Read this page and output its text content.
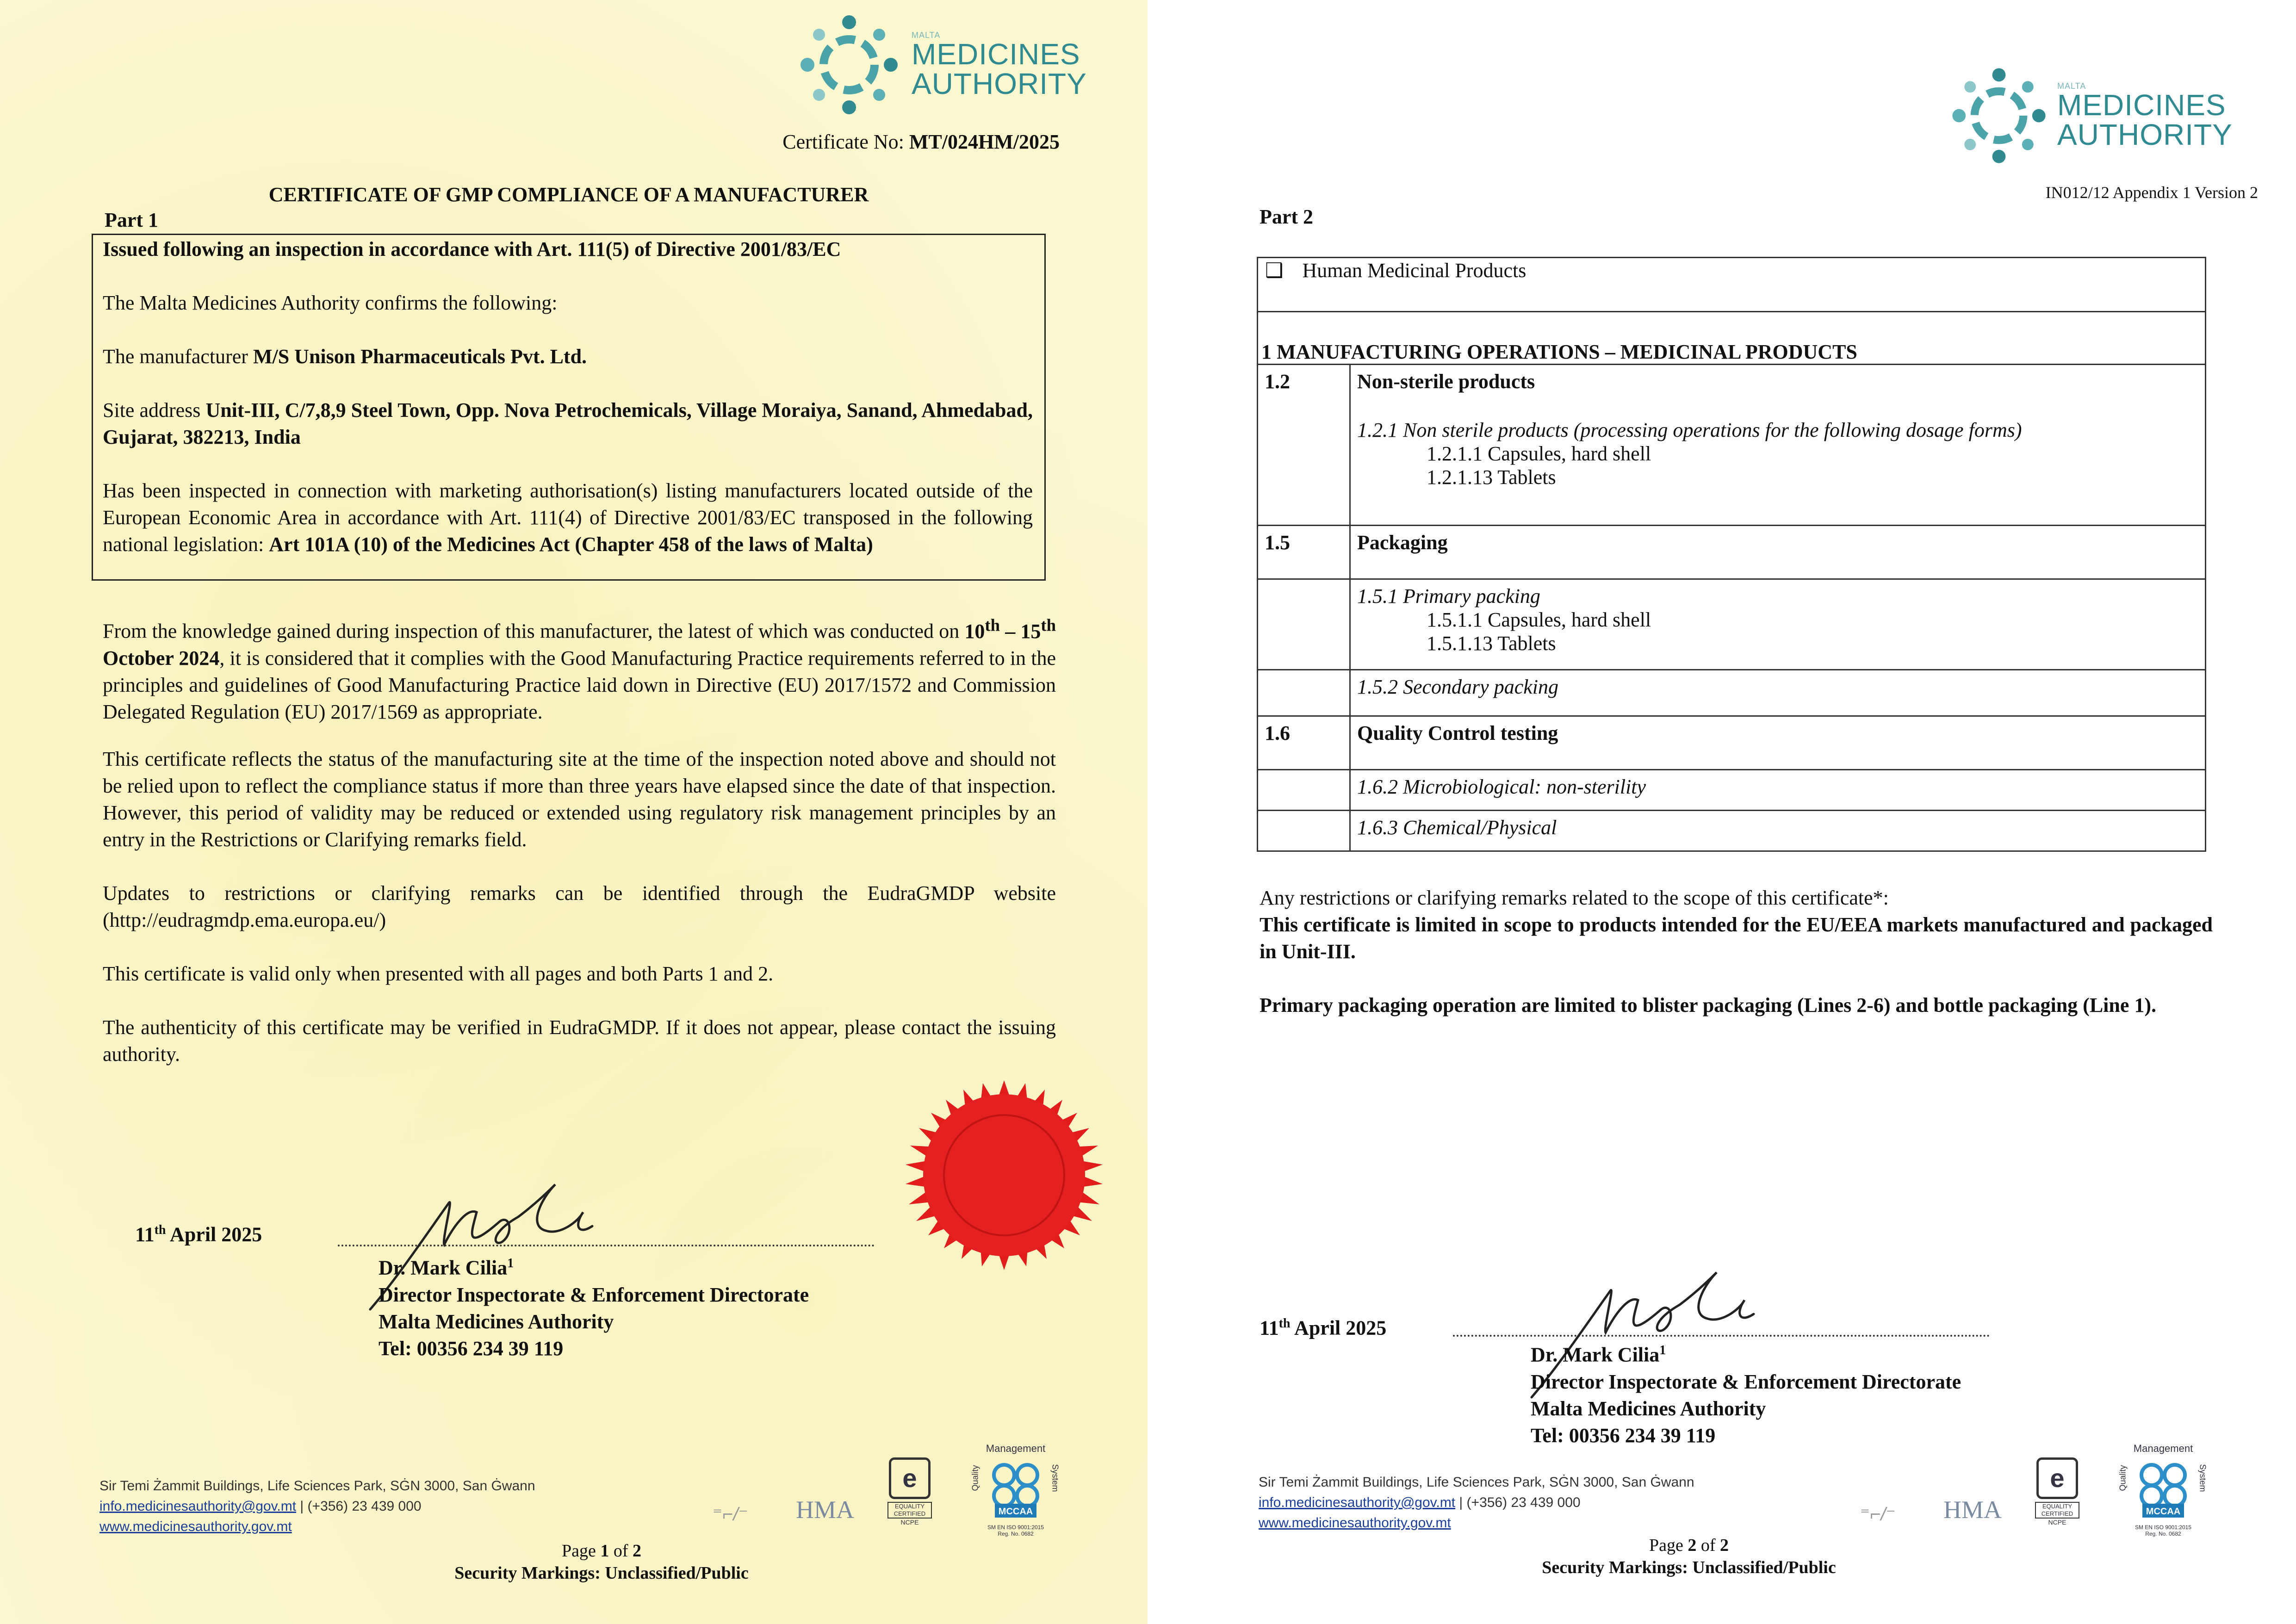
MALTA
MEDICINES
AUTHORITY
Certificate No: MT/024HM/2025
CERTIFICATE OF GMP COMPLIANCE OF A MANUFACTURER
Part 1
Issued following an inspection in accordance with Art. 111(5) of Directive 2001/83/EC
The Malta Medicines Authority confirms the following:
The manufacturer M/S Unison Pharmaceuticals Pvt. Ltd.
Site address Unit-III, C/7,8,9 Steel Town, Opp. Nova Petrochemicals, Village Moraiya, Sanand, Ahmedabad, Gujarat, 382213, India
Has been inspected in connection with marketing authorisation(s) listing manufacturers located outside of the European Economic Area in accordance with Art. 111(4) of Directive 2001/83/EC transposed in the following national legislation: Art 101A (10) of the Medicines Act (Chapter 458 of the laws of Malta)
From the knowledge gained during inspection of this manufacturer, the latest of which was conducted on 10th – 15th October 2024, it is considered that it complies with the Good Manufacturing Practice requirements referred to in the principles and guidelines of Good Manufacturing Practice laid down in Directive (EU) 2017/1572 and Commission Delegated Regulation (EU) 2017/1569 as appropriate.
This certificate reflects the status of the manufacturing site at the time of the inspection noted above and should not be relied upon to reflect the compliance status if more than three years have elapsed since the date of that inspection. However, this period of validity may be reduced or extended using regulatory risk management principles by an entry in the Restrictions or Clarifying remarks field.
Updates to restrictions or clarifying remarks can be identified through the EudraGMDP website (http://eudragmdp.ema.europa.eu/)
This certificate is valid only when presented with all pages and both Parts 1 and 2.
The authenticity of this certificate may be verified in EudraGMDP. If it does not appear, please contact the issuing authority.
11th April 2025
Dr. Mark Cilia$^1$
Director Inspectorate & Enforcement Directorate
Malta Medicines Authority
Tel: 00356 234 39 119
Sir Temi Żammit Buildings, Life Sciences Park, SĠN 3000, San Ġwann
info.medicinesauthority@gov.mt | (+356) 23 439 000
www.medicinesauthority.gov.mt
⁼⌐/⁻ HMA
e
EQUALITY CERTIFIED
NCPE
Management
Quality
MCCAA
System
SM EN ISO 9001:2015
Reg. No. 0682
Page 1 of 2
Security Markings: Unclassified/Public
MALTA
MEDICINES
AUTHORITY
IN012/12 Appendix 1 Version 2
Part 2
❑ Human Medicinal Products
1 MANUFACTURING OPERATIONS – MEDICINAL PRODUCTS
1.2	Non-sterile products
1.2.1 Non sterile products (processing operations for the following dosage forms)
1.2.1.1 Capsules, hard shell
1.2.1.13 Tablets

1.5	Packaging

	1.5.1 Primary packing
1.5.1.1 Capsules, hard shell
1.5.1.13 Tablets

	1.5.2 Secondary packing
1.6	Quality Control testing
	1.6.2 Microbiological: non-sterility
	1.6.3 Chemical/Physical
Any restrictions or clarifying remarks related to the scope of this certificate*:
This certificate is limited in scope to products intended for the EU/EEA markets manufactured and packaged in Unit-III.
Primary packaging operation are limited to blister packaging (Lines 2-6) and bottle packaging (Line 1).
11th April 2025
Dr. Mark Cilia$^1$
Director Inspectorate & Enforcement Directorate
Malta Medicines Authority
Tel: 00356 234 39 119
Sir Temi Żammit Buildings, Life Sciences Park, SĠN 3000, San Ġwann
info.medicinesauthority@gov.mt | (+356) 23 439 000
www.medicinesauthority.gov.mt	⁼⌐/⁻ HMA
e
EQUALITY CERTIFIED
NCPE
Management
Quality
MCCAA
System
SM EN ISO 9001:2015
Reg. No. 0682
Page 2 of 2
Security Markings: Unclassified/Public
